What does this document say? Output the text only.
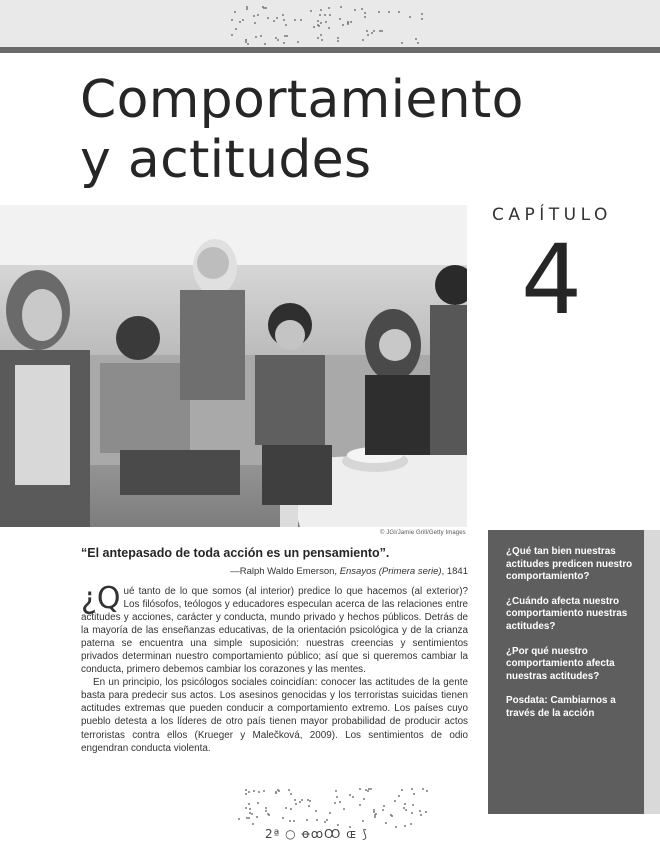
Comportamiento
y actitudes
CAPÍTULO
4
© JGI/Jamie Grill/Getty Images
“El antepasado de toda acción es un pensamiento”.
—Ralph Waldo Emerson, Ensayos (Primera serie), 1841

¿Q ué tanto de lo que somos (al interior) predice lo que hacemos (al exterior)? Los filósofos, teólogos y educadores especulan acerca de las relaciones entre actitudes y acciones, carácter y conducta, mundo privado y hechos públicos. Detrás de la mayoría de las enseñanzas educativas, de la orientación psicológica y de la crianza paterna se encuentra una simple suposición: nuestras creencias y sentimientos privados determinan nuestro comportamiento público; así que si queremos cambiar la conducta, primero debemos cambiar los corazones y las mentes.

En un principio, los psicólogos sociales coincidían: conocer las actitudes de la gente basta para predecir sus actos. Los asesinos genocidas y los terroristas suicidas tienen actitudes extremas que pueden conducir a comportamiento extremo. Los países cuyo pueblo detesta a los líderes de otro país tienen mayor probabilidad de producir actos terroristas contra ellos (Krueger y Malečková, 2009). Los sentimientos de odio engendran conducta violenta.

¿Qué tan bien nuestras actitudes predicen nuestro comportamiento?
¿Cuándo afecta nuestro comportamiento nuestras actitudes?
¿Por qué nuestro comportamiento afecta nuestras actitudes?
Posdata: Cambiarnos a través de la acción
2ª ○ ꝋꝏꝎ ɶ ⟆
